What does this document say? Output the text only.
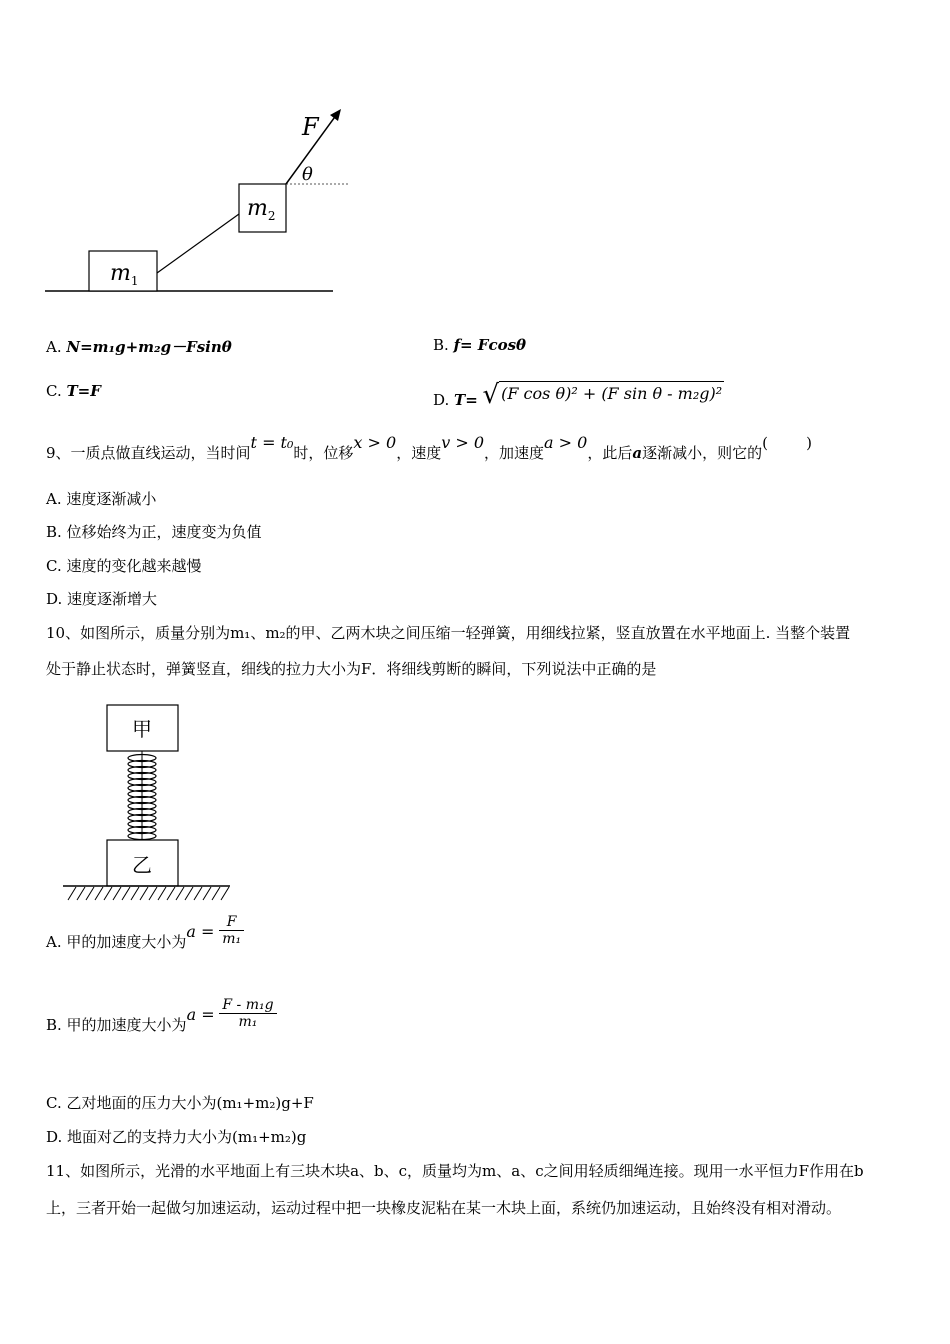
$m_1$
$m_2$
F
θ
A. N=m₁g+m₂g－Fsinθ	B. f= Fcosθ
C. T=F	D. T= √ (F cos θ)² + (F sin θ - m₂g)²
9、一质点做直线运动，当时间t = t₀时，位移x > 0，速度v > 0，加速度a > 0，此后a逐渐减小，则它的(        )
A. 速度逐渐减小
B. 位移始终为正，速度变为负值
C. 速度的变化越来越慢
D. 速度逐渐增大
10、如图所示，质量分别为m₁、m₂的甲、乙两木块之间压缩一轻弹簧，用细线拉紧，竖直放置在水平地面上. 当整个装置
处于静止状态时，弹簧竖直，细线的拉力大小为F．将细线剪断的瞬间，下列说法中正确的是
甲
乙
A. 甲的加速度大小为$a = \frac{F}{\text{m₁}}$
B. 甲的加速度大小为$a = \frac{\text{F - m₁g}}{\text{m₁}}$
C. 乙对地面的压力大小为(m₁+m₂)g+F
D. 地面对乙的支持力大小为(m₁+m₂)g
11、如图所示，光滑的水平地面上有三块木块a、b、c，质量均为m、a、c之间用轻质细绳连接。现用一水平恒力F作用在b
上，三者开始一起做匀加速运动，运动过程中把一块橡皮泥粘在某一木块上面，系统仍加速运动，且始终没有相对滑动。
